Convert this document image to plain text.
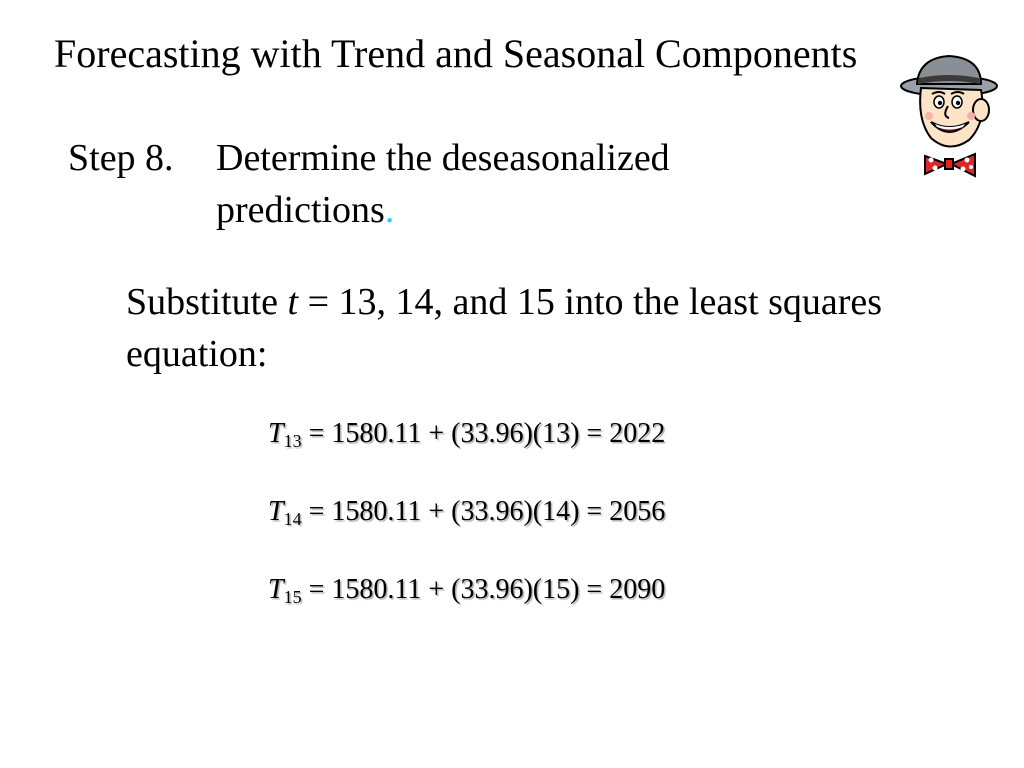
Forecasting with Trend and Seasonal Components
Step 8. Determine the deseasonalized
predictions.
Substitute t = 13, 14, and 15 into the least squares equation:
$T_{13} = 1580.11 + (33.96)(13) = 2022$
$T_{14} = 1580.11 + (33.96)(14) = 2056$
$T_{15} = 1580.11 + (33.96)(15) = 2090$
